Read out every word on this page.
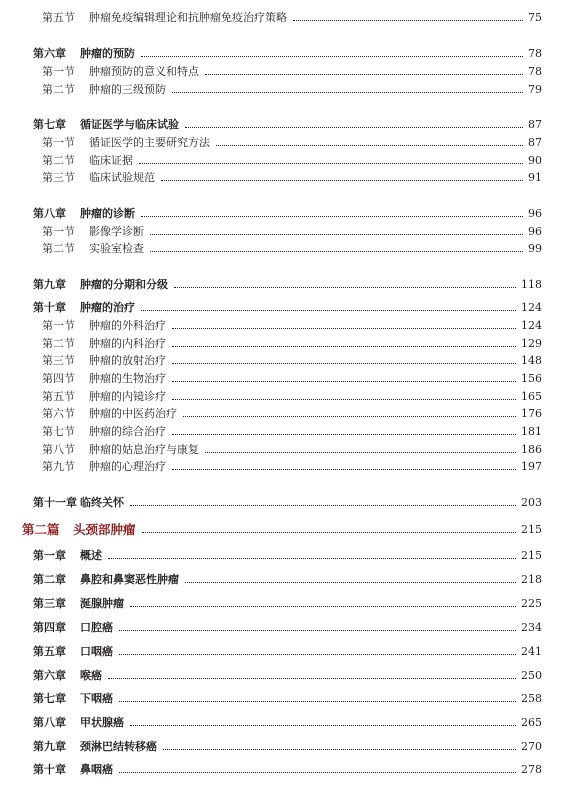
第五节 肿瘤免疫编辑理论和抗肿瘤免疫治疗策略	75
第六章 肿瘤的预防	78
第一节 肿瘤预防的意义和特点	78
第二节 肿瘤的三级预防	79
第七章 循证医学与临床试验	87
第一节 循证医学的主要研究方法	87
第二节 临床证据	90
第三节 临床试验规范	91
第八章 肿瘤的诊断	96
第一节 影像学诊断	96
第二节 实验室检查	99
第九章 肿瘤的分期和分级	118
第十章 肿瘤的治疗	124
第一节 肿瘤的外科治疗	124
第二节 肿瘤的内科治疗	129
第三节 肿瘤的放射治疗	148
第四节 肿瘤的生物治疗	156
第五节 肿瘤的内镜诊疗	165
第六节 肿瘤的中医药治疗	176
第七节 肿瘤的综合治疗	181
第八节 肿瘤的姑息治疗与康复	186
第九节 肿瘤的心理治疗	197
第十一章 临终关怀	203
第二篇 头颈部肿瘤	215
第一章 概述	215
第二章 鼻腔和鼻窦恶性肿瘤	218
第三章 涎腺肿瘤	225
第四章 口腔癌	234
第五章 口咽癌	241
第六章 喉癌	250
第七章 下咽癌	258
第八章 甲状腺癌	265
第九章 颈淋巴结转移癌	270
第十章 鼻咽癌	278
